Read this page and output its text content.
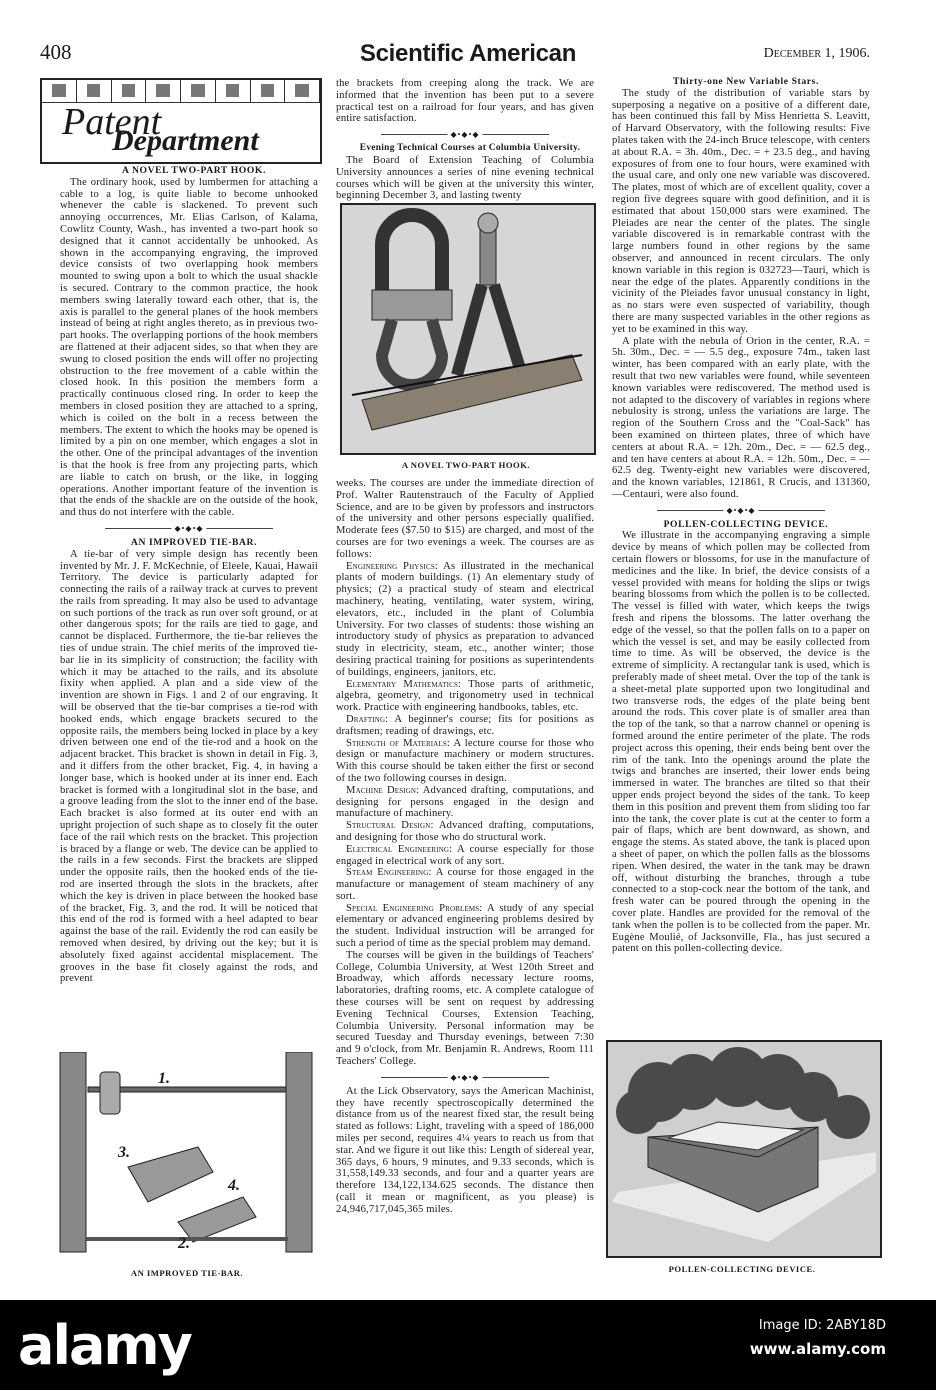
408	Scientific American	December 1, 1906.
Patent
Department

A NOVEL TWO-PART HOOK.

The ordinary hook, used by lumbermen for attaching a cable to a log, is quite liable to become unhooked whenever the cable is slackened. To prevent such annoying occurrences, Mr. Elias Carlson, of Kalama, Cowlitz County, Wash., has invented a two-part hook so designed that it cannot accidentally be unhooked. As shown in the accompanying engraving, the improved device consists of two overlapping hook members mounted to swing upon a bolt to which the usual shackle is secured. Contrary to the common practice, the hook members swing laterally toward each other, that is, the axis is parallel to the general planes of the hook members instead of being at right angles thereto, as in previous two-part hooks. The overlapping portions of the hook members are flattened at their adjacent sides, so that when they are swung to closed position the ends will offer no projecting obstruction to the free movement of a cable within the closed hook. In this position the members form a practically continuous closed ring. In order to keep the members in closed position they are attached to a spring, which is coiled on the bolt in a recess between the members. The extent to which the hooks may be opened is limited by a pin on one member, which engages a slot in the other. One of the principal advantages of the invention is that the hook is free from any projecting parts, which are liable to catch on brush, or the like, in logging operations. Another important feature of the invention is that the ends of the shackle are on the outside of the hook, and thus do not interfere with the cable.

◆•◆•◆

AN IMPROVED TIE-BAR.

A tie-bar of very simple design has recently been invented by Mr. J. F. McKechnie, of Eleele, Kauai, Hawaii Territory. The device is particularly adapted for connecting the rails of a railway track at curves to prevent the rails from spreading. It may also be used to advantage on such portions of the track as run over soft ground, or at other dangerous spots; for the rails are tied to gage, and cannot be displaced. Furthermore, the tie-bar relieves the ties of undue strain. The chief merits of the improved tie-bar lie in its simplicity of construction; the facility with which it may be attached to the rails, and its absolute fixity when applied. A plan and a side view of the invention are shown in Figs. 1 and 2 of our engraving. It will be observed that the tie-bar comprises a tie-rod with hooked ends, which engage brackets secured to the opposite rails, the members being locked in place by a key driven between one end of the tie-rod and a hook on the adjacent bracket. This bracket is shown in detail in Fig. 3, and it differs from the other bracket, Fig. 4, in having a longer base, which is hooked under at its inner end. Each bracket is formed with a longitudinal slot in the base, and a groove leading from the slot to the inner end of the base. Each bracket is also formed at its outer end with an upright projection of such shape as to closely fit the outer face of the rail which rests on the bracket. This projection is braced by a flange or web. The device can be applied to the rails in a few seconds. First the brackets are slipped under the opposite rails, then the hooked ends of the tie-rod are inserted through the slots in the brackets, after which the key is driven in place between the hooked base of the bracket, Fig. 3, and the rod. It will be noticed that this end of the rod is formed with a heel adapted to bear against the base of the rail. Evidently the rod can easily be removed when desired, by driving out the key; but it is absolutely fixed against accidental misplacement. The grooves in the base fit closely against the rods, and prevent

1.
3.
4.
2.
AN IMPROVED TIE-BAR.

the brackets from creeping along the track. We are informed that the invention has been put to a severe practical test on a railroad for four years, and has given entire satisfaction.

◆•◆•◆

Evening Technical Courses at Columbia University.

The Board of Extension Teaching of Columbia University announces a series of nine evening technical courses which will be given at the university this winter, beginning December 3, and lasting twenty

A NOVEL TWO-PART HOOK.

weeks. The courses are under the immediate direction of Prof. Walter Rautenstrauch of the Faculty of Applied Science, and are to be given by professors and instructors of the university and other persons especially qualified. Moderate fees ($7.50 to $15) are charged, and most of the courses are for two evenings a week. The courses are as follows:

Engineering Physics: As illustrated in the mechanical plants of modern buildings. (1) An elementary study of physics; (2) a practical study of steam and electrical machinery, heating, ventilating, water system, wiring, elevators, etc., included in the plant of Columbia University. For two classes of students: those wishing an introductory study of physics as preparation to advanced study in electricity, steam, etc., another winter; those desiring practical training for positions as superintendents of buildings, engineers, janitors, etc.

Elementary Mathematics: Those parts of arithmetic, algebra, geometry, and trigonometry used in technical work. Practice with engineering handbooks, tables, etc.

Drafting: A beginner's course; fits for positions as draftsmen; reading of drawings, etc.

Strength of Materials: A lecture course for those who design or manufacture machinery or modern structures. With this course should be taken either the first or second of the two following courses in design.

Machine Design: Advanced drafting, computations, and designing for persons engaged in the design and manufacture of machinery.

Structural Design: Advanced drafting, computations, and designing for those who do structural work.

Electrical Engineering: A course especially for those engaged in electrical work of any sort.

Steam Engineering: A course for those engaged in the manufacture or management of steam machinery of any sort.

Special Engineering Problems: A study of any special elementary or advanced engineering problems desired by the student. Individual instruction will be arranged for such a period of time as the special problem may demand.

The courses will be given in the buildings of Teachers' College, Columbia University, at West 120th Street and Broadway, which affords necessary lecture rooms, laboratories, drafting rooms, etc. A complete catalogue of these courses will be sent on request by addressing Evening Technical Courses, Extension Teaching, Columbia University. Personal information may be secured Tuesday and Thursday evenings, between 7:30 and 9 o'clock, from Mr. Benjamin R. Andrews, Room 111 Teachers' College.

◆•◆•◆

At the Lick Observatory, says the American Machinist, they have recently spectroscopically determined the distance from us of the nearest fixed star, the result being stated as follows: Light, traveling with a speed of 186,000 miles per second, requires 4¼ years to reach us from that star. And we figure it out like this: Length of sidereal year, 365 days, 6 hours, 9 minutes, and 9.33 seconds, which is 31,558,149.33 seconds, and four and a quarter years are therefore 134,122,134.625 seconds. The distance then (call it mean or magnificent, as you please) is 24,946,717,045,365 miles.

Thirty-one New Variable Stars.

The study of the distribution of variable stars by superposing a negative on a positive of a different date, has been continued this fall by Miss Henrietta S. Leavitt, of Harvard Observatory, with the following results: Five plates taken with the 24-inch Bruce telescope, with centers at about R.A. = 3h. 40m., Dec. = + 23.5 deg., and having exposures of from one to four hours, were examined with the usual care, and only one new variable was discovered. The plates, most of which are of excellent quality, cover a region five degrees square with good definition, and it is estimated that about 150,000 stars were examined. The Pleiades are near the center of the plates. The single variable discovered is in remarkable contrast with the large numbers found in other regions by the same observer, and announced in recent circulars. The only known variable in this region is 032723—Tauri, which is near the edge of the plates. Apparently conditions in the vicinity of the Pleiades favor unusual constancy in light, as no stars were even suspected of variability, though there are many suspected variables in the other regions as yet to be examined in this way.

A plate with the nebula of Orion in the center, R.A. = 5h. 30m., Dec. = — 5.5 deg., exposure 74m., taken last winter, has been compared with an early plate, with the result that two new variables were found, while seventeen known variables were rediscovered. The method used is not adapted to the discovery of variables in regions where nebulosity is strong, unless the variations are large. The region of the Southern Cross and the "Coal-Sack" has been examined on thirteen plates, three of which have centers at about R.A. = 12h. 20m., Dec. = — 62.5 deg., and ten have centers at about R.A. = 12h. 50m., Dec. = — 62.5 deg. Twenty-eight new variables were discovered, and the known variables, 121861, R Crucis, and 131360, —Centauri, were also found.

◆•◆•◆

POLLEN-COLLECTING DEVICE.

We illustrate in the accompanying engraving a simple device by means of which pollen may be collected from certain flowers or blossoms, for use in the manufacture of medicines and the like. In brief, the device consists of a vessel provided with means for holding the slips or twigs bearing blossoms from which the pollen is to be collected. The vessel is filled with water, which keeps the twigs fresh and ripens the blossoms. The latter overhang the edge of the vessel, so that the pollen falls on to a paper on which the vessel is set, and may be easily collected from time to time. As will be observed, the device is the extreme of simplicity. A rectangular tank is used, which is preferably made of sheet metal. Over the top of the tank is a sheet-metal plate supported upon two longitudinal and two transverse rods, the edges of the plate being bent around the rods. This cover plate is of smaller area than the top of the tank, so that a narrow channel or opening is formed around the entire perimeter of the plate. The rods project across this opening, their ends being bent over the rim of the tank. Into the openings around the plate the twigs and branches are inserted, their lower ends being immersed in water. The branches are tilted so that their upper ends project beyond the sides of the tank. To keep them in this position and prevent them from sliding too far into the tank, the cover plate is cut at the center to form a pair of flaps, which are bent downward, as shown, and engage the stems. As stated above, the tank is placed upon a sheet of paper, on which the pollen falls as the blossoms ripen. When desired, the water in the tank may be drawn off, without disturbing the branches, through a tube connected to a stop-cock near the bottom of the tank, and fresh water can be poured through the opening in the cover plate. Handles are provided for the removal of the tank when the pollen is to be collected from the paper. Mr. Eugène Moulié, of Jacksonville, Fla., has just secured a patent on this pollen-collecting device.

POLLEN-COLLECTING DEVICE.
alamy	Image ID: 2ABY18D
www.alamy.com
